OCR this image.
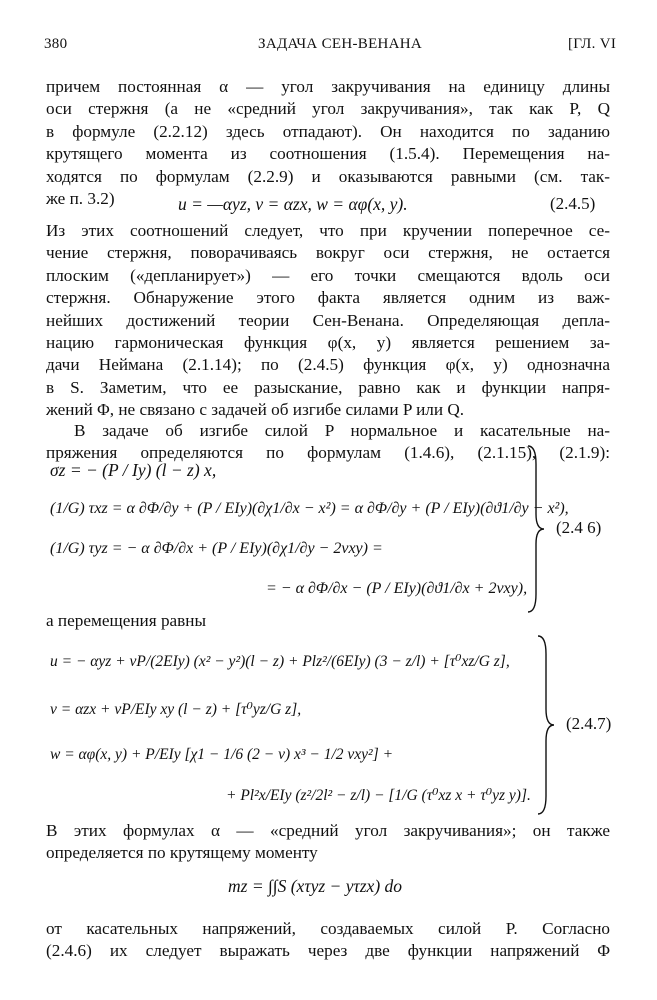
380	ЗАДАЧА СЕН-ВЕНАНА	[ГЛ. VI
причем постоянная α — угол закручивания на единицу длины
оси стержня (а не «средний угол закручивания», так как P, Q
в формуле (2.2.12) здесь отпадают). Он находится по заданию
крутящего момента из соотношения (1.5.4). Перемещения на-
ходятся по формулам (2.2.9) и оказываются равными (см. так-
же п. 3.2)	u = —αyz, v = αzx, w = αφ(x, y).	(2.4.5)
Из этих соотношений следует, что при кручении поперечное се-
чение стержня, поворачиваясь вокруг оси стержня, не остается
плоским («депланирует») — его точки смещаются вдоль оси
стержня. Обнаружение этого факта является одним из важ-
нейших достижений теории Сен-Венана. Определяющая депла-
нацию гармоническая функция φ(x, y) является решением за-
дачи Неймана (2.1.14); по (2.4.5) функция φ(x, y) однозначна
в S. Заметим, что ее разыскание, равно как и функции напря-
жений Φ, не связано с задачей об изгибе силами P или Q.
В задаче об изгибе силой P нормальное и касательные на-
пряжения определяются по формулам (1.4.6), (2.1.15), (2.1.9):
σz = − (P / Iy) (l − z) x,
(1/G) τxz = α ∂Φ/∂y + (P / EIy)(∂χ1/∂x − x²) = α ∂Φ/∂y + (P / EIy)(∂ϑ1/∂y − x²),
(1/G) τyz = − α ∂Φ/∂x + (P / EIy)(∂χ1/∂y − 2νxy) =
= − α ∂Φ/∂x − (P / EIy)(∂ϑ1/∂x + 2νxy),
(2.4 6)
а перемещения равны
u = − αyz + νP/(2EIy) (x² − y²)(l − z) + Plz²/(6EIy) (3 − z/l) + [τ⁰xz/G z],
v = αzx + νP/EIy xy (l − z) + [τ⁰yz/G z],
w = αφ(x, y) + P/EIy [χ1 − 1/6 (2 − ν) x³ − 1/2 νxy²] +
+ Pl²x/EIy (z²/2l² − z/l) − [1/G (τ⁰xz x + τ⁰yz y)].
(2.4.7)
В этих формулах α — «средний угол закручивания»; он также
определяется по крутящему моменту
mz = ∫∫S (xτyz − yτzx) do
от касательных напряжений, создаваемых силой P. Согласно
(2.4.6) их следует выражать через две функции напряжений Φ
